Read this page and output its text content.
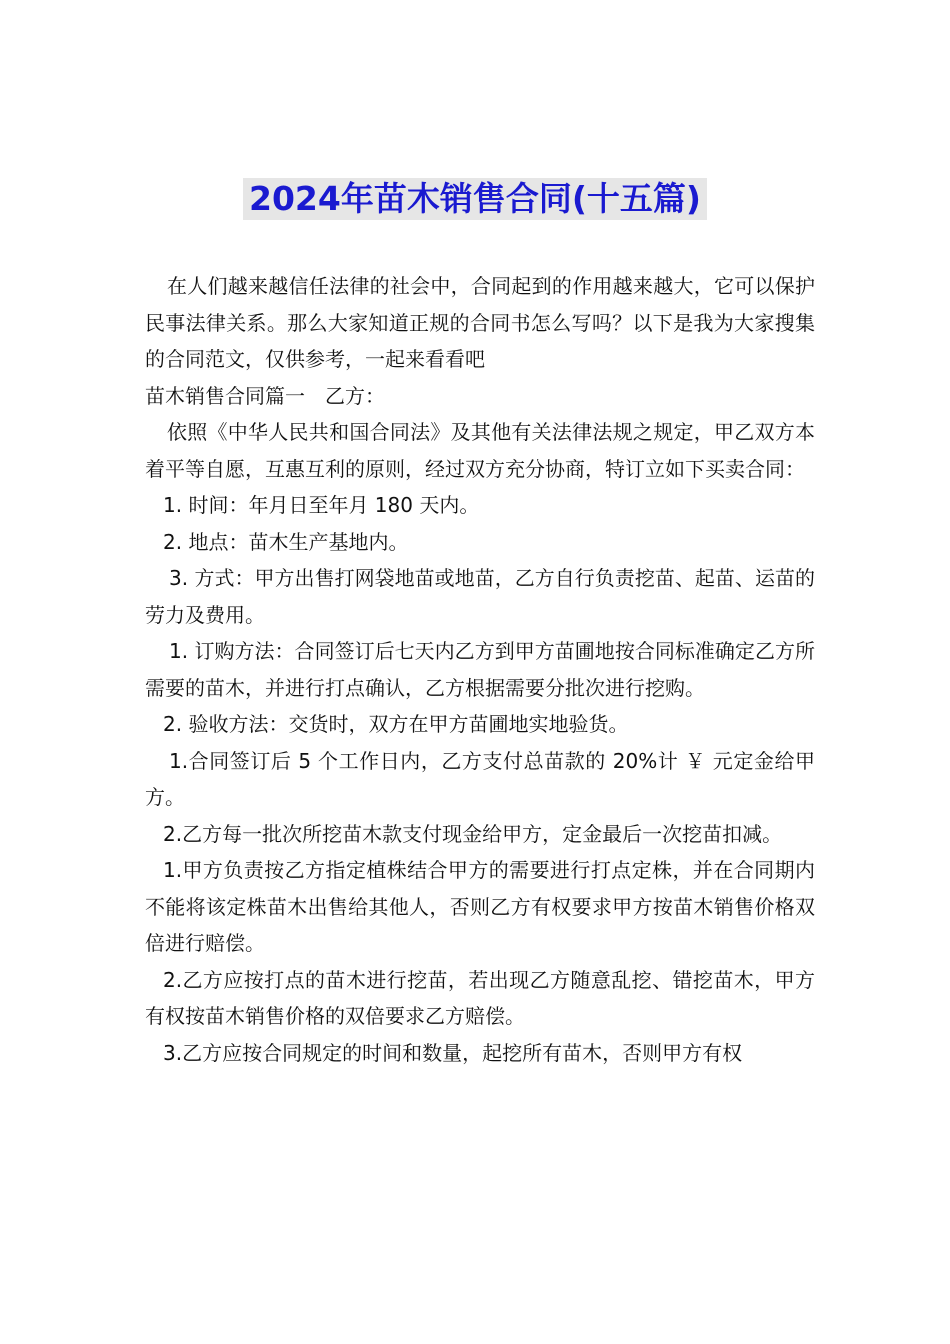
2024年苗木销售合同(十五篇)

在人们越来越信任法律的社会中，合同起到的作用越来越大，它可以保护民事法律关系。那么大家知道正规的合同书怎么写吗？以下是我为大家搜集的合同范文，仅供参考，一起来看看吧

苗木销售合同篇一　乙方：

依照《中华人民共和国合同法》及其他有关法律法规之规定，甲乙双方本着平等自愿，互惠互利的原则，经过双方充分协商，特订立如下买卖合同：

1. 时间：年月日至年月 180 天内。

2. 地点：苗木生产基地内。

3. 方式：甲方出售打网袋地苗或地苗，乙方自行负责挖苗、起苗、运苗的劳力及费用。

1. 订购方法：合同签订后七天内乙方到甲方苗圃地按合同标准确定乙方所需要的苗木，并进行打点确认，乙方根据需要分批次进行挖购。

2. 验收方法：交货时，双方在甲方苗圃地实地验货。

1.合同签订后 5 个工作日内，乙方支付总苗款的 20%计 ￥ 元定金给甲方。

2.乙方每一批次所挖苗木款支付现金给甲方，定金最后一次挖苗扣减。

1.甲方负责按乙方指定植株结合甲方的需要进行打点定株，并在合同期内不能将该定株苗木出售给其他人，否则乙方有权要求甲方按苗木销售价格双倍进行赔偿。

2.乙方应按打点的苗木进行挖苗，若出现乙方随意乱挖、错挖苗木，甲方有权按苗木销售价格的双倍要求乙方赔偿。

3.乙方应按合同规定的时间和数量，起挖所有苗木，否则甲方有权
